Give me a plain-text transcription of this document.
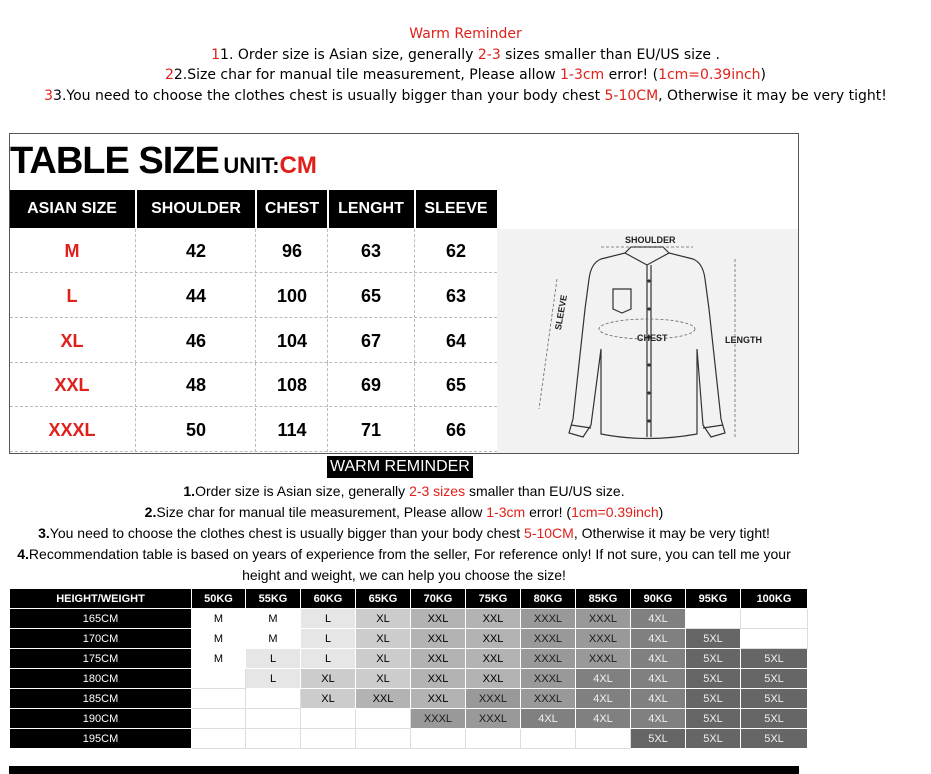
Warm Reminder
11. Order size is Asian size, generally 2-3 sizes smaller than EU/US size .
22.Size char for manual tile measurement, Please allow 1-3cm error! (1cm=0.39inch)
33.You need to choose the clothes chest is usually bigger than your body chest 5-10CM, Otherwise it may be very tight!
TABLE SIZE UNIT:CM
ASIAN SIZE	SHOULDER	CHEST	LENGHT	SLEEVE
M	42	96	63	62
L	44	100	65	63
XL	46	104	67	64
XXL	48	108	69	65
XXXL	50	114	71	66
SHOULDER
CHEST	LENGTH
SLEEVE
WARM REMINDER
1.Order size is Asian size, generally 2-3 sizes smaller than EU/US size.
2.Size char for manual tile measurement, Please allow 1-3cm error! (1cm=0.39inch)
3.You need to choose the clothes chest is usually bigger than your body chest 5-10CM, Otherwise it may be very tight!
4.Recommendation table is based on years of experience from the seller, For reference only! If not sure, you can tell me your
height and weight, we can help you choose the size!
HEIGHT/WEIGHT	50KG	55KG	60KG	65KG	70KG	75KG	80KG	85KG	90KG	95KG	100KG
165CM	M	M	L	XL	XXL	XXL	XXXL	XXXL	4XL		
170CM	M	M	L	XL	XXL	XXL	XXXL	XXXL	4XL	5XL	
175CM	M	L	L	XL	XXL	XXL	XXXL	XXXL	4XL	5XL	5XL
180CM		L	XL	XL	XXL	XXL	XXXL	4XL	4XL	5XL	5XL
185CM			XL	XXL	XXL	XXXL	XXXL	4XL	4XL	5XL	5XL
190CM					XXXL	XXXL	4XL	4XL	4XL	5XL	5XL
195CM									5XL	5XL	5XL
